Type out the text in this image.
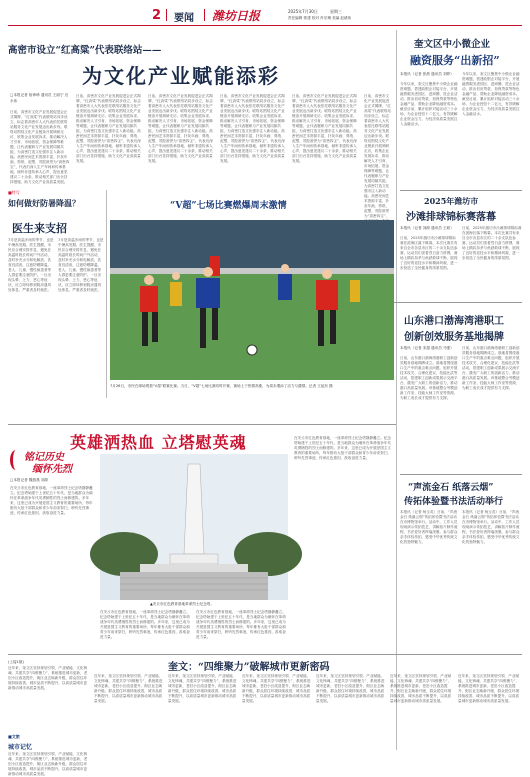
2 要闻 潍坊日报	2025年7月30日	星期三
责任编辑 郭建 校对 肖宗琳 美编 赵绪伟
高密市设立“红高粱”代表联络站——
为文化产业赋能添彩
□本报记者 宿珍珍 通讯员 王丽宁 迟永伟
日前，高密市文化产业发展促进会正式揭牌，“红高粱”代表联络站同步设立，标志着高密市人大代表依托联络站服务文化产业发展迈出新步伐。联络站围绕文化产业链条开展调研走访，收集企业发展诉求，推动解决人才引育、市场拓展、资金保障等难题，让代表履职与产业发展同频共振，为高密打造文化强市注入新动能。高密民间艺术资源丰富，扑灰年画、剪纸、泥塑、茂腔被誉为“高密四宝”，代表们深入生产车间和传承基地，倾听非遗传承人心声，提出意见建议二十余条，推动相关部门出台扶持措施，助力文化产业高质量发展。
日前，高密市文化产业发展促进会正式揭牌，“红高粱”代表联络站同步设立，标志着高密市人大代表依托联络站服务文化产业发展迈出新步伐。联络站围绕文化产业链条开展调研走访，收集企业发展诉求，推动解决人才引育、市场拓展、资金保障等难题，让代表履职与产业发展同频共振，为高密打造文化强市注入新动能。高密民间艺术资源丰富，扑灰年画、剪纸、泥塑、茂腔被誉为“高密四宝”，代表们深入生产车间和传承基地，倾听非遗传承人心声，提出意见建议二十余条，推动相关部门出台扶持措施，助力文化产业高质量发展。
日前，高密市文化产业发展促进会正式揭牌，“红高粱”代表联络站同步设立，标志着高密市人大代表依托联络站服务文化产业发展迈出新步伐。联络站围绕文化产业链条开展调研走访，收集企业发展诉求，推动解决人才引育、市场拓展、资金保障等难题，让代表履职与产业发展同频共振，为高密打造文化强市注入新动能。高密民间艺术资源丰富，扑灰年画、剪纸、泥塑、茂腔被誉为“高密四宝”，代表们深入生产车间和传承基地，倾听非遗传承人心声，提出意见建议二十余条，推动相关部门出台扶持措施，助力文化产业高质量发展。
日前，高密市文化产业发展促进会正式揭牌，“红高粱”代表联络站同步设立，标志着高密市人大代表依托联络站服务文化产业发展迈出新步伐。联络站围绕文化产业链条开展调研走访，收集企业发展诉求，推动解决人才引育、市场拓展、资金保障等难题，让代表履职与产业发展同频共振，为高密打造文化强市注入新动能。高密民间艺术资源丰富，扑灰年画、剪纸、泥塑、茂腔被誉为“高密四宝”，代表们深入生产车间和传承基地，倾听非遗传承人心声，提出意见建议二十余条，推动相关部门出台扶持措施，助力文化产业高质量发展。
日前，高密市文化产业发展促进会正式揭牌，“红高粱”代表联络站同步设立，标志着高密市人大代表依托联络站服务文化产业发展迈出新步伐。联络站围绕文化产业链条开展调研走访，收集企业发展诉求，推动解决人才引育、市场拓展、资金保障等难题，让代表履职与产业发展同频共振，为高密打造文化强市注入新动能。高密民间艺术资源丰富，扑灰年画、剪纸、泥塑、茂腔被誉为“高密四宝”，代表们深入生产车间和传承基地，倾听非遗传承人心声，提出意见建议二十余条，推动相关部门出台扶持措施，助力文化产业高质量发展。
日前，高密市文化产业发展促进会正式揭牌，“红高粱”代表联络站同步设立，标志着高密市人大代表依托联络站服务文化产业发展迈出新步伐。联络站围绕文化产业链条开展调研走访，收集企业发展诉求，推动解决人才引育、市场拓展、资金保障等难题，让代表履职与产业发展同频共振，为高密打造文化强市注入新动能。高密民间艺术资源丰富，扑灰年画、剪纸、泥塑、茂腔被誉为“高密四宝”，
奎文区中小微企业
融资服务“出新招”
本报讯（记者 张晨 通讯员 刘婷）
今年以来，奎文区聚焦中小微企业融资难题，搭建政银企对接平台，开展融资服务进园区、进商圈、进企业活动，推出信用贷款、担保贷款等特色金融产品，帮助企业降低融资成本。截至目前，累计组织对接活动三十余场，为企业授信十二亿元，有效缓解企业资金压力，为经济高质量发展注入金融活水。
今年以来，奎文区聚焦中小微企业融资难题，搭建政银企对接平台，开展融资服务进园区、进商圈、进企业活动，推出信用贷款、担保贷款等特色金融产品，帮助企业降低融资成本。截至目前，累计组织对接活动三十余场，为企业授信十二亿元，有效缓解企业资金压力，为经济高质量发展注入金融活水。
2025年潍坊市
沙滩排球锦标赛落幕
本报讯（记者 刘源 通讯员 王莉）
日前，2025年潍坊市沙滩排球锦标赛在滨海区落下帷幕。本次比赛共有来自全市各县市区的二十余支队伍参赛，运动员们顶着烈日奋力拼搏，赛场上精彩扣杀与鱼跃救球不断，展现了良好的竞技水平和精神风貌，进一步营造了全民健身的浓厚氛围。
日前，2025年潍坊市沙滩排球锦标赛在滨海区落下帷幕。本次比赛共有来自全市各县市区的二十余支队伍参赛，运动员们顶着烈日奋力拼搏，赛场上精彩扣杀与鱼跃救球不断，展现了良好的竞技水平和精神风貌，进一步营造了全民健身的浓厚氛围。
■特写
如何做好防暑降温？
医生来支招
7月是高温多雨的季节，也是中暑高发期。医生提醒，市民应合理安排作息，避免在高温时段长时间户外活动，及时补充水分和电解质，饮食宜清淡，注意防晒降温。老人、儿童、慢性病患者等人群更要注意防护。一旦出现头晕、乏力、恶心等症状，应立即转移到阴凉通风处休息，严重者及时就医。
7月是高温多雨的季节，也是中暑高发期。医生提醒，市民应合理安排作息，避免在高温时段长时间户外活动，及时补充水分和电解质，饮食宜清淡，注意防晒降温。老人、儿童、慢性病患者等人群更要注意防护。一旦出现头晕、乏力、恶心等症状，应立即转移到阴凉通风处休息，严重者及时就医。
“V超”七场比赛燃爆周末激情
7月26日，市民在球场观看“V超”联赛比赛。当日，“V超”七场比赛同时开赛，赛场上下热情高涨，为周末增添了活力与激情。记者 王起东 摄
山东港口渤海湾港职工
创新创效服务基地揭牌
本报讯（记者 宋超 通讯员 马强）
日前，山东港口渤海湾港职工创新创效服务基地揭牌成立。基地将围绕港口生产中的重点难点问题，组织开展技术攻关、合理化建议、技能比武等活动，搭建职工创新成果展示交流平台，激发广大职工的创新活力，推动港口高质量发展。该基地整合劳模创新工作室、技能大师工作室等资源，为职工成长成才提供有力支撑。
日前，山东港口渤海湾港职工创新创效服务基地揭牌成立。基地将围绕港口生产中的重点难点问题，组织开展技术攻关、合理化建议、技能比武等活动，搭建职工创新成果展示交流平台，激发广大职工的创新活力，推动港口高质量发展。该基地整合劳模创新工作室、技能大师工作室等资源，为职工成长成才提供有力支撑。
英雄洒热血 立塔慰英魂
铭记历史
缅怀先烈
□本报记者 魏燕燕 刘源
在安丘市红色教育基地，一座革命烈士纪念塔静静矗立。纪念塔始建于上世纪五十年代，是当地群众为缅怀在革命战争年代英勇牺牲的烈士而修建的。多年来，这里已成为开展爱国主义教育的重要场所，每年都有大批干部群众和青少年前来祭扫，聆听先烈事迹，传承红色基因，汲取奋进力量。
▲安丘市红色教育基地革命烈士纪念塔。
在安丘市红色教育基地，一座革命烈士纪念塔静静矗立。纪念塔始建于上世纪五十年代，是当地群众为缅怀在革命战争年代英勇牺牲的烈士而修建的。多年来，这里已成为开展爱国主义教育的重要场所，每年都有大批干部群众和青少年前来祭扫，聆听先烈事迹，传承红色基因，汲取奋进力量。
在安丘市红色教育基地，一座革命烈士纪念塔静静矗立。纪念塔始建于上世纪五十年代，是当地群众为缅怀在革命战争年代英勇牺牲的烈士而修建的。多年来，这里已成为开展爱国主义教育的重要场所，每年都有大批干部群众和青少年前来祭扫，聆听先烈事迹，传承红色基因，汲取奋进力量。
在安丘市红色教育基地，一座革命烈士纪念塔静静矗立。纪念塔始建于上世纪五十年代，是当地群众为缅怀在革命战争年代英勇牺牲的烈士而修建的。多年来，这里已成为开展爱国主义教育的重要场所，每年都有大批干部群众和青少年前来祭扫，聆听先烈事迹，传承红色基因，汲取奋进力量。
“声流金石 纸落云烟”
传拓体验暨书法活动举行
本报讯（记者 杨玉英）日前，“声流金石 纸落云烟”传拓体验暨书法活动在市博物馆举行。活动中，工作人员现场演示传拓技艺，讲解拓片制作流程，书法爱好者挥毫泼墨，参与群众亲手体验传拓，感受中华优秀传统文化的独特魅力。
本报讯（记者 杨玉英）日前，“声流金石 纸落云烟”传拓体验暨书法活动在市博物馆举行。活动中，工作人员现场演示传拓技艺，讲解拓片制作流程，书法爱好者挥毫泼墨，参与群众亲手体验传拓，感受中华优秀传统文化的独特魅力。
(上接1版)
近年来，奎文区坚持规划引领、产业赋能、文化铸魂、共建共享“四维聚力”，系统推进城市更新，老旧小区改造提升，街区业态焕新升级，群众居住环境持续改善，城市品质不断提升，以高质量城市更新推动城市高质量发展。
■文旅
城市记忆
近年来，奎文区坚持规划引领、产业赋能、文化铸魂、共建共享“四维聚力”，系统推进城市更新，老旧小区改造提升，街区业态焕新升级，群众居住环境持续改善，城市品质不断提升，以高质量城市更新推动城市高质量发展。
奎文：“四维聚力”破解城市更新密码
近年来，奎文区坚持规划引领、产业赋能、文化铸魂、共建共享“四维聚力”，系统推进城市更新，老旧小区改造提升，街区业态焕新升级，群众居住环境持续改善，城市品质不断提升，以高质量城市更新推动城市高质量发展。
近年来，奎文区坚持规划引领、产业赋能、文化铸魂、共建共享“四维聚力”，系统推进城市更新，老旧小区改造提升，街区业态焕新升级，群众居住环境持续改善，城市品质不断提升，以高质量城市更新推动城市高质量发展。
近年来，奎文区坚持规划引领、产业赋能、文化铸魂、共建共享“四维聚力”，系统推进城市更新，老旧小区改造提升，街区业态焕新升级，群众居住环境持续改善，城市品质不断提升，以高质量城市更新推动城市高质量发展。
近年来，奎文区坚持规划引领、产业赋能、文化铸魂、共建共享“四维聚力”，系统推进城市更新，老旧小区改造提升，街区业态焕新升级，群众居住环境持续改善，城市品质不断提升，以高质量城市更新推动城市高质量发展。
近年来，奎文区坚持规划引领、产业赋能、文化铸魂、共建共享“四维聚力”，系统推进城市更新，老旧小区改造提升，街区业态焕新升级，群众居住环境持续改善，城市品质不断提升，以高质量城市更新推动城市高质量发展。
近年来，奎文区坚持规划引领、产业赋能、文化铸魂、共建共享“四维聚力”，系统推进城市更新，老旧小区改造提升，街区业态焕新升级，群众居住环境持续改善，城市品质不断提升，以高质量城市更新推动城市高质量发展。
